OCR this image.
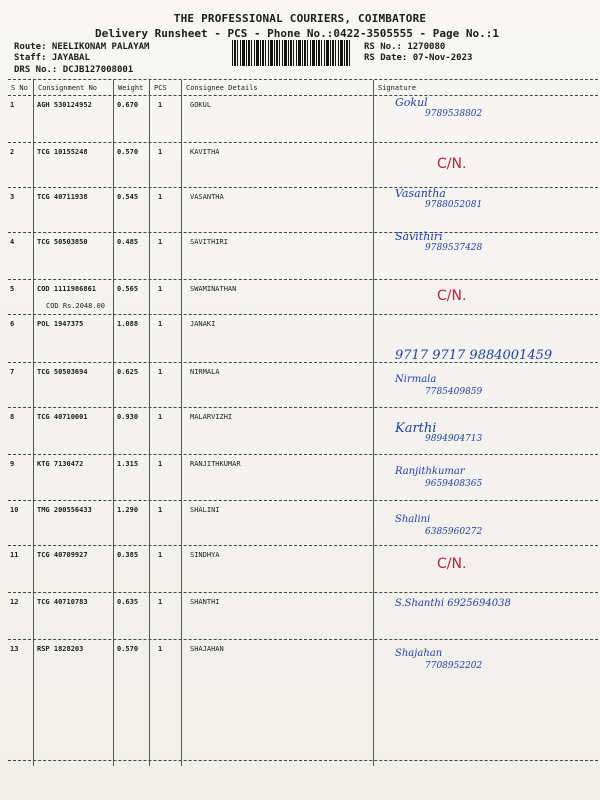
THE PROFESSIONAL COURIERS, COIMBATORE
Delivery Runsheet - PCS - Phone No.:0422-3505555 - Page No.:1
Route: NEELIKONAM PALAYAM
Staff: JAYABAL
DRS No.: DCJB127008001
RS No.: 1270080
RS Date: 07-Nov-2023
S No Consignment No	Weight PCS	Consignee Details	Signature
1	AGH 530124952	0.670	1	GOKUL	Gokul
9789538802
2	TCG 10155248	0.570	1	KAVITHA
C/N.
3	TCG 40711938	0.545	1	VASANTHA	Vasantha
9788052081
4	TCG 50503850	0.485	1	SAVITHIRI	Savithiri
9789537428
5	COD 1111986861	0.565	1	SWAMINATHAN
COD Rs.2048.00
C/N.
6	POL 1947375	1.088	1	JANAKI
9717 9717 9884001459
7	TCG 50503694	0.625	1	NIRMALA
Nirmala
7785409859
8	TCG 40710001	0.930	1	MALARVIZHI
Karthi
9894904713
9	KTG 7130472	1.315	1	RANJITHKUMAR
Ranjithkumar
9659408365
10	TMG 200556433	1.290	1	SHALINI
Shalini
6385960272
11	TCG 40709927	0.385	1	SINDHYA
C/N.
12	TCG 40710783	0.635	1	SHANTHI	S.Shanthi 6925694038
13	RSP 1828203	0.570	1	SHAJAHAN	Shajahan
7708952202
